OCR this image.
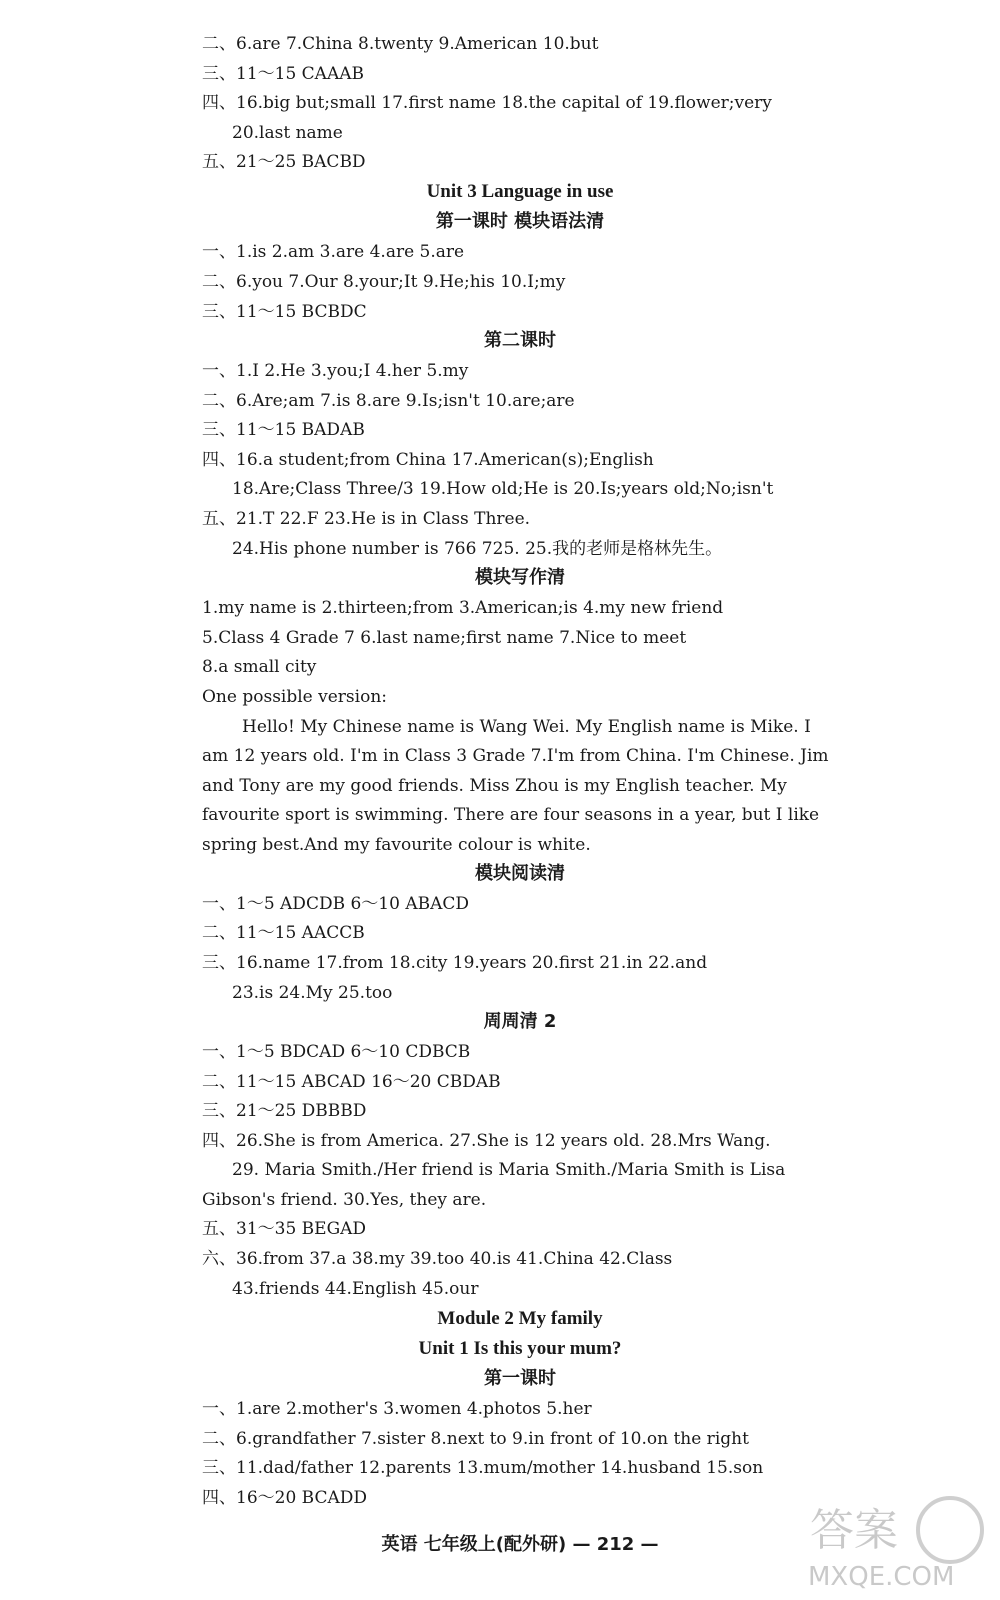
二、6.are 7.China 8.twenty 9.American 10.but
三、11～15 CAAAB
四、16.big but;small 17.first name 18.the capital of 19.flower;very
20.last name
五、21～25 BACBD
Unit 3 Language in use
第一课时 模块语法清
一、1.is 2.am 3.are 4.are 5.are
二、6.you 7.Our 8.your;It 9.He;his 10.I;my
三、11～15 BCBDC
第二课时
一、1.I 2.He 3.you;I 4.her 5.my
二、6.Are;am 7.is 8.are 9.Is;isn't 10.are;are
三、11～15 BADAB
四、16.a student;from China 17.American(s);English
18.Are;Class Three/3 19.How old;He is 20.Is;years old;No;isn't
五、21.T 22.F 23.He is in Class Three.
24.His phone number is 766 725. 25.我的老师是格林先生。
模块写作清
1.my name is 2.thirteen;from 3.American;is 4.my new friend
5.Class 4 Grade 7 6.last name;first name 7.Nice to meet
8.a small city
One possible version:
Hello! My Chinese name is Wang Wei. My English name is Mike. I
am 12 years old. I'm in Class 3 Grade 7.I'm from China. I'm Chinese. Jim
and Tony are my good friends. Miss Zhou is my English teacher. My
favourite sport is swimming. There are four seasons in a year, but I like
spring best.And my favourite colour is white.
模块阅读清
一、1～5 ADCDB 6～10 ABACD
二、11～15 AACCB
三、16.name 17.from 18.city 19.years 20.first 21.in 22.and
23.is 24.My 25.too
周周清 2
一、1～5 BDCAD 6～10 CDBCB
二、11～15 ABCAD 16～20 CBDAB
三、21～25 DBBBD
四、26.She is from America. 27.She is 12 years old. 28.Mrs Wang.
29. Maria Smith./Her friend is Maria Smith./Maria Smith is Lisa
Gibson's friend. 30.Yes, they are.
五、31～35 BEGAD
六、36.from 37.a 38.my 39.too 40.is 41.China 42.Class
43.friends 44.English 45.our
Module 2 My family
Unit 1 Is this your mum?
第一课时
一、1.are 2.mother's 3.women 4.photos 5.her
二、6.grandfather 7.sister 8.next to 9.in front of 10.on the right
三、11.dad/father 12.parents 13.mum/mother 14.husband 15.son
四、16～20 BCADD
英语 七年级上(配外研) — 212 —	答案
MXQE.COM
